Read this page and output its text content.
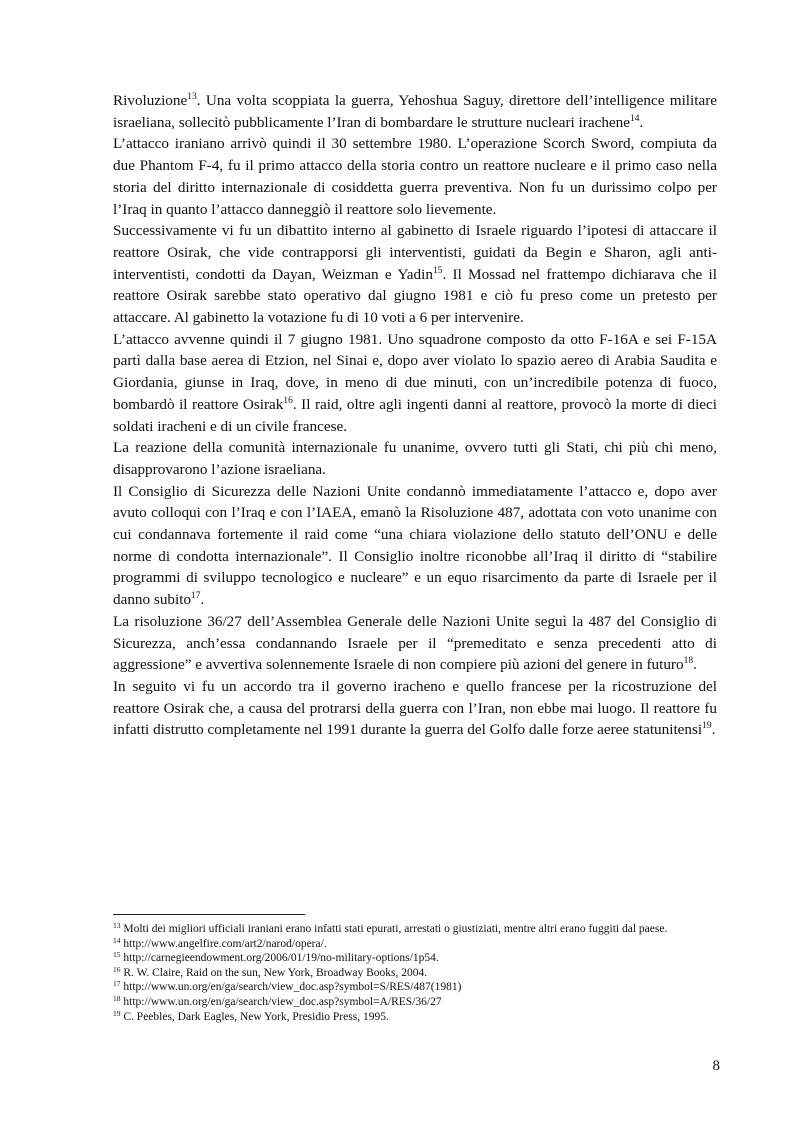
Rivoluzione$^{13}$. Una volta scoppiata la guerra, Yehoshua Saguy, direttore dell’intelligence militare israeliana, sollecitò pubblicamente l’Iran di bombardare le strutture nucleari irachene$^{14}$.

L’attacco iraniano arrivò quindi il 30 settembre 1980. L’operazione Scorch Sword, compiuta da due Phantom F-4, fu il primo attacco della storia contro un reattore nucleare e il primo caso nella storia del diritto internazionale di cosiddetta guerra preventiva. Non fu un durissimo colpo per l’Iraq in quanto l’attacco danneggiò il reattore solo lievemente.

Successivamente vi fu un dibattito interno al gabinetto di Israele riguardo l’ipotesi di attaccare il reattore Osirak, che vide contrapporsi gli interventisti, guidati da Begin e Sharon, agli anti-interventisti, condotti da Dayan, Weizman e Yadin$^{15}$. Il Mossad nel frattempo dichiarava che il reattore Osirak sarebbe stato operativo dal giugno 1981 e ciò fu preso come un pretesto per attaccare. Al gabinetto la votazione fu di 10 voti a 6 per intervenire.

L’attacco avvenne quindi il 7 giugno 1981. Uno squadrone composto da otto F-16A e sei F-15A partì dalla base aerea di Etzion, nel Sinai e, dopo aver violato lo spazio aereo di Arabia Saudita e Giordania, giunse in Iraq, dove, in meno di due minuti, con un’incredibile potenza di fuoco, bombardò il reattore Osirak$^{16}$. Il raid, oltre agli ingenti danni al reattore, provocò la morte di dieci soldati iracheni e di un civile francese.

La reazione della comunità internazionale fu unanime, ovvero tutti gli Stati, chi più chi meno, disapprovarono l’azione israeliana.

Il Consiglio di Sicurezza delle Nazioni Unite condannò immediatamente l’attacco e, dopo aver avuto colloqui con l’Iraq e con l’IAEA, emanò la Risoluzione 487, adottata con voto unanime con cui condannava fortemente il raid come “una chiara violazione dello statuto dell’ONU e delle norme di condotta internazionale”. Il Consiglio inoltre riconobbe all’Iraq il diritto di “stabilire programmi di sviluppo tecnologico e nucleare” e un equo risarcimento da parte di Israele per il danno subito$^{17}$.

La risoluzione 36/27 dell’Assemblea Generale delle Nazioni Unite seguì la 487 del Consiglio di Sicurezza, anch’essa condannando Israele per il “premeditato e senza precedenti atto di aggressione” e avvertiva solennemente Israele di non compiere più azioni del genere in futuro$^{18}$.

In seguito vi fu un accordo tra il governo iracheno e quello francese per la ricostruzione del reattore Osirak che, a causa del protrarsi della guerra con l’Iran, non ebbe mai luogo. Il reattore fu infatti distrutto completamente nel 1991 durante la guerra del Golfo dalle forze aeree statunitensi$^{19}$.

$^{13}$ Molti dei migliori ufficiali iraniani erano infatti stati epurati, arrestati o giustiziati, mentre altri erano fuggiti dal paese.

$^{14}$ http://www.angelfire.com/art2/narod/opera/.

$^{15}$ http://carnegieendowment.org/2006/01/19/no-military-options/1p54.

$^{16}$ R. W. Claire, Raid on the sun, New York, Broadway Books, 2004.

$^{17}$ http://www.un.org/en/ga/search/view_doc.asp?symbol=S/RES/487(1981)

$^{18}$ http://www.un.org/en/ga/search/view_doc.asp?symbol=A/RES/36/27

$^{19}$ C. Peebles, Dark Eagles, New York, Presidio Press, 1995.

8
